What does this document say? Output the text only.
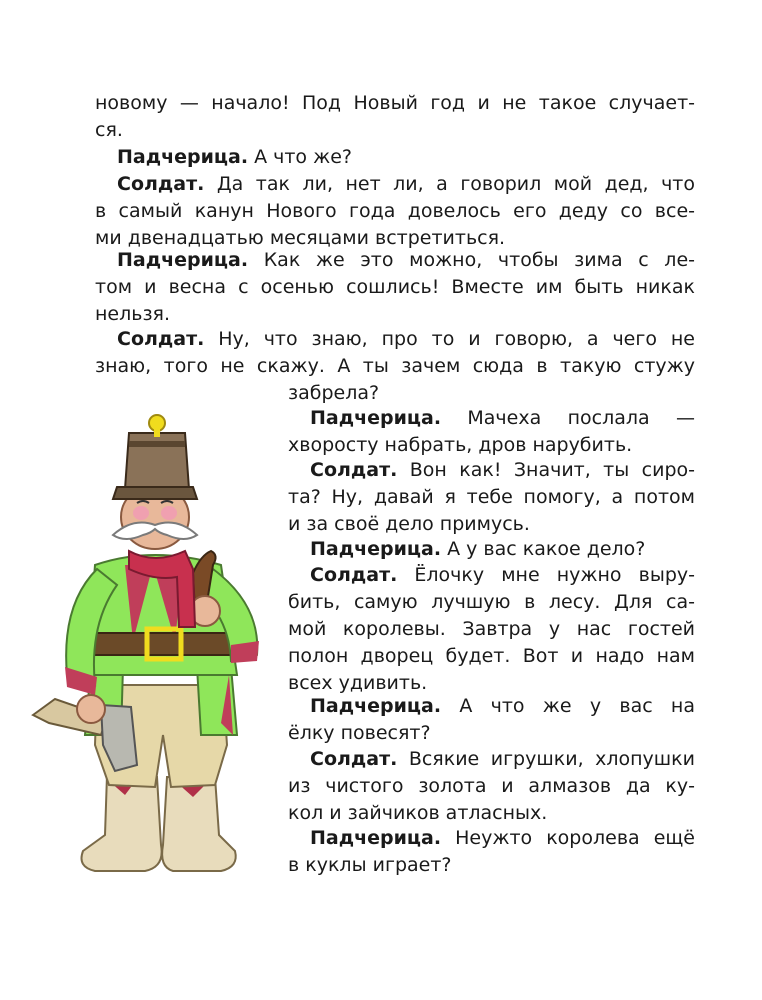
новому — начало! Под Новый год и не такое случает-
ся.
Падчерица. А что же?
Солдат. Да так ли, нет ли, а говорил мой дед, что
в самый канун Нового года довелось его деду со все-
ми двенадцатью месяцами встретиться.
Падчерица. Как же это можно, чтобы зима с ле-
том и весна с осенью сошлись! Вместе им быть никак
нельзя.
Солдат. Ну, что знаю, про то и говорю, а чего не
знаю, того не скажу. А ты зачем сюда в такую стужу
забрела?
Падчерица. Мачеха послала —
хворосту набрать, дров нарубить.
Солдат. Вон как! Значит, ты сиро-
та? Ну, давай я тебе помогу, а потом
и за своё дело примусь.
Падчерица. А у вас какое дело?
Солдат. Ёлочку мне нужно выру-
бить, самую лучшую в лесу. Для са-
мой королевы. Завтра у нас гостей
полон дворец будет. Вот и надо нам
всех удивить.
Падчерица. А что же у вас на
ёлку повесят?
Солдат. Всякие игрушки, хлопушки
из чистого золота и алмазов да ку-
кол и зайчиков атласных.
Падчерица. Неужто королева ещё
в куклы играет?
